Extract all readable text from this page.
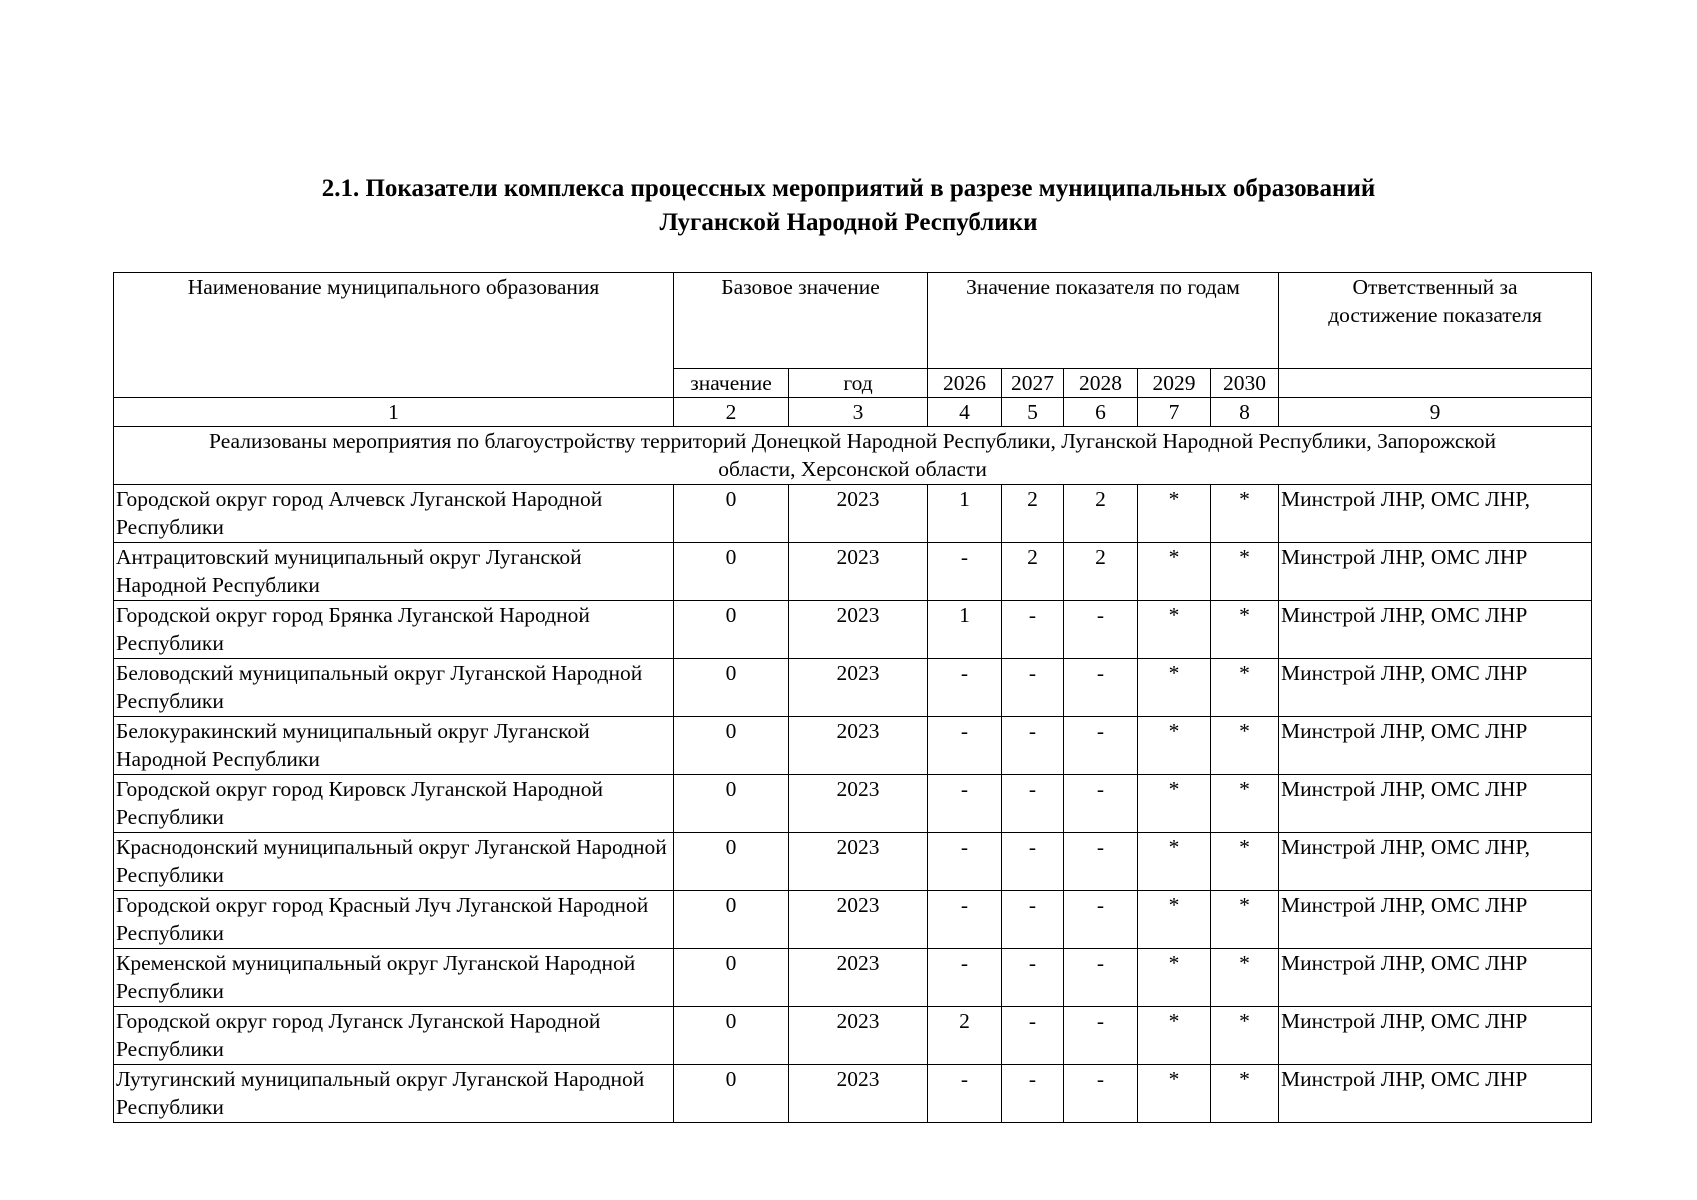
2.1. Показатели комплекса процессных мероприятий в разрезе муниципальных образований
Луганской Народной Республики
Наименование муниципального образования	Базовое значение		Значение показателя по годам					Ответственный за достижение показателя
	значение	год	2026	2027	2028	2029	2030	
1	2	3	4	5	6	7	8	9
Реализованы мероприятия по благоустройству территорий Донецкой Народной Республики, Луганской Народной Республики, Запорожской области, Херсонской области								
Городской округ город Алчевск Луганской Народной Республики	0	2023	1	2	2	*	*	Минстрой ЛНР, ОМС ЛНР,
Антрацитовский муниципальный округ Луганской Народной Республики	0	2023	-	2	2	*	*	Минстрой ЛНР, ОМС ЛНР
Городской округ город Брянка Луганской Народной Республики	0	2023	1	-	-	*	*	Минстрой ЛНР, ОМС ЛНР
Беловодский муниципальный округ Луганской Народной Республики	0	2023	-	-	-	*	*	Минстрой ЛНР, ОМС ЛНР
Белокуракинский муниципальный округ Луганской Народной Республики	0	2023	-	-	-	*	*	Минстрой ЛНР, ОМС ЛНР
Городской округ город Кировск Луганской Народной Республики	0	2023	-	-	-	*	*	Минстрой ЛНР, ОМС ЛНР
Краснодонский муниципальный округ Луганской Народной Республики	0	2023	-	-	-	*	*	Минстрой ЛНР, ОМС ЛНР,
Городской округ город Красный Луч Луганской Народной Республики	0	2023	-	-	-	*	*	Минстрой ЛНР, ОМС ЛНР
Кременской муниципальный округ Луганской Народной Республики	0	2023	-	-	-	*	*	Минстрой ЛНР, ОМС ЛНР
Городской округ город Луганск Луганской Народной Республики	0	2023	2	-	-	*	*	Минстрой ЛНР, ОМС ЛНР
Лутугинский муниципальный округ Луганской Народной Республики	0	2023	-	-	-	*	*	Минстрой ЛНР, ОМС ЛНР
